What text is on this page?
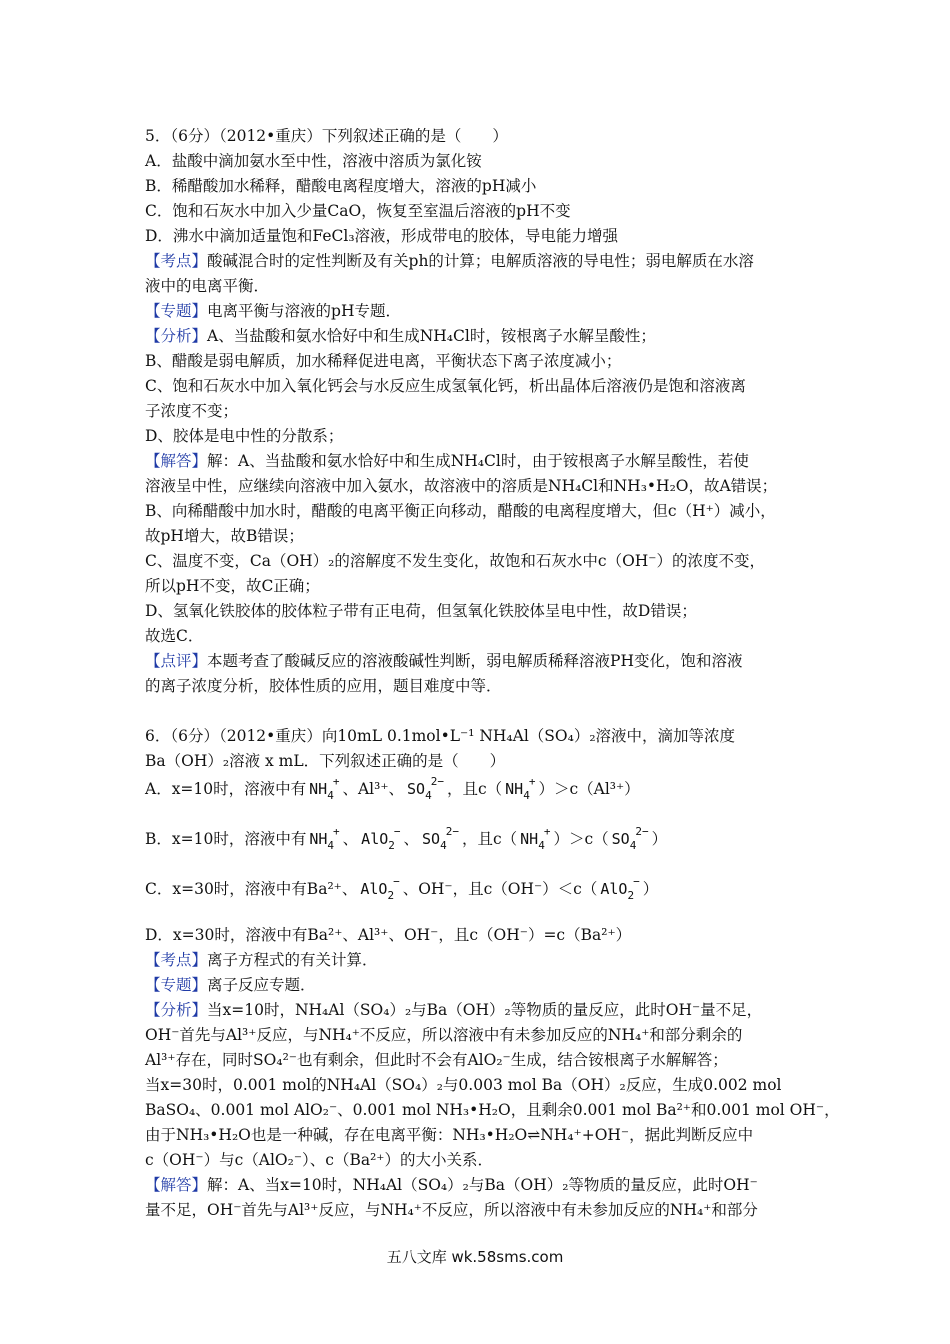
5．（6分）（2012•重庆）下列叙述正确的是（　　）
A．盐酸中滴加氨水至中性，溶液中溶质为氯化铵
B．稀醋酸加水稀释，醋酸电离程度增大，溶液的pH减小
C．饱和石灰水中加入少量CaO，恢复至室温后溶液的pH不变
D．沸水中滴加适量饱和FeCl₃溶液，形成带电的胶体，导电能力增强
【考点】酸碱混合时的定性判断及有关ph的计算；电解质溶液的导电性；弱电解质在水溶
液中的电离平衡．
【专题】电离平衡与溶液的pH专题．
【分析】A、当盐酸和氨水恰好中和生成NH₄Cl时，铵根离子水解呈酸性；
B、醋酸是弱电解质，加水稀释促进电离，平衡状态下离子浓度减小；
C、饱和石灰水中加入氧化钙会与水反应生成氢氧化钙，析出晶体后溶液仍是饱和溶液离
子浓度不变；
D、胶体是电中性的分散系；
【解答】解：A、当盐酸和氨水恰好中和生成NH₄Cl时，由于铵根离子水解呈酸性，若使
溶液呈中性，应继续向溶液中加入氨水，故溶液中的溶质是NH₄Cl和NH₃•H₂O，故A错误；
B、向稀醋酸中加水时，醋酸的电离平衡正向移动，醋酸的电离程度增大，但c（H⁺）减小，
故pH增大，故B错误；
C、温度不变，Ca（OH）₂的溶解度不发生变化，故饱和石灰水中c（OH⁻）的浓度不变，
所以pH不变，故C正确；
D、氢氧化铁胶体的胶体粒子带有正电荷，但氢氧化铁胶体呈电中性，故D错误；
故选C．
【点评】本题考查了酸碱反应的溶液酸碱性判断，弱电解质稀释溶液PH变化，饱和溶液
的离子浓度分析，胶体性质的应用，题目难度中等．
6．（6分）（2012•重庆）向10mL 0.1mol•L⁻¹ NH₄Al（SO₄）₂溶液中，滴加等浓度
Ba（OH）₂溶液 x mL．下列叙述正确的是（　　）
A．x=10时，溶液中有 $NH_4^+$ 、Al³⁺、 $SO_4^{2-}$ ，且c（ $NH_4^+$ ）＞c（Al³⁺）
B．x=10时，溶液中有 $NH_4^+$ 、 AlO$_2$− 、 $SO_4^{2-}$ ，且c（ $NH_4^+$ ）＞c（ $SO_4^{2-}$ ）
C．x=30时，溶液中有Ba²⁺、 AlO$_2$− 、OH⁻，且c（OH⁻）＜c（ AlO$_2$− ）
D．x=30时，溶液中有Ba²⁺、Al³⁺、OH⁻，且c（OH⁻）=c（Ba²⁺）
【考点】离子方程式的有关计算．
【专题】离子反应专题．
【分析】当x=10时，NH₄Al（SO₄）₂与Ba（OH）₂等物质的量反应，此时OH⁻量不足，
OH⁻首先与Al³⁺反应，与NH₄⁺不反应，所以溶液中有未参加反应的NH₄⁺和部分剩余的
Al³⁺存在，同时SO₄²⁻也有剩余，但此时不会有AlO₂⁻生成，结合铵根离子水解解答；
当x=30时，0.001 mol的NH₄Al（SO₄）₂与0.003 mol Ba（OH）₂反应，生成0.002 mol
BaSO₄、0.001 mol AlO₂⁻、0.001 mol NH₃•H₂O，且剩余0.001 mol Ba²⁺和0.001 mol OH⁻，
由于NH₃•H₂O也是一种碱，存在电离平衡：NH₃•H₂O⇌NH₄⁺+OH⁻，据此判断反应中
c（OH⁻）与c（AlO₂⁻）、c（Ba²⁺）的大小关系．
【解答】解：A、当x=10时，NH₄Al（SO₄）₂与Ba（OH）₂等物质的量反应，此时OH⁻
量不足，OH⁻首先与Al³⁺反应，与NH₄⁺不反应，所以溶液中有未参加反应的NH₄⁺和部分
五八文库 wk.58sms.com
